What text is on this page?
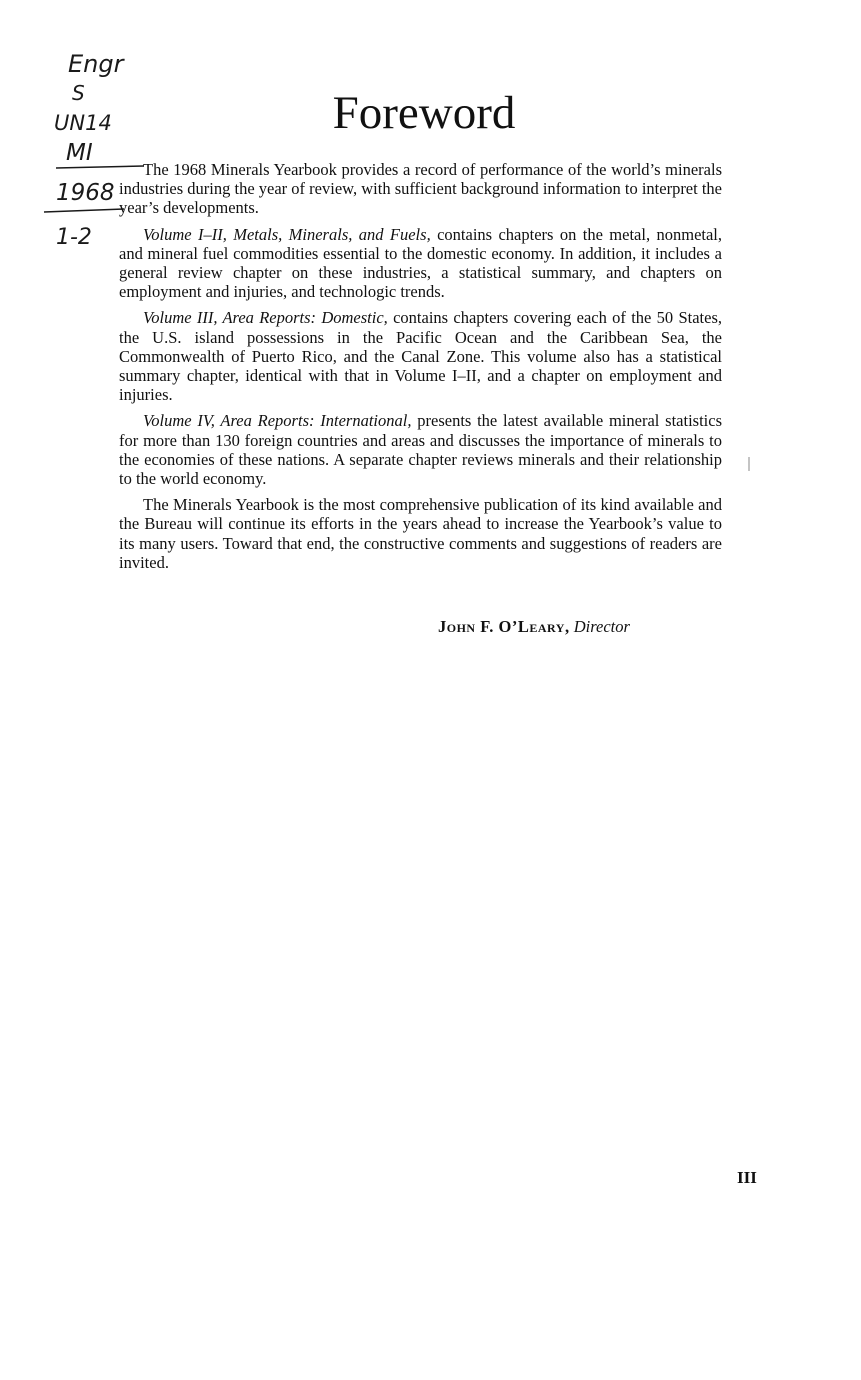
Engr
S
UN14
MI
1968
1-2
Foreword

The 1968 Minerals Yearbook provides a record of performance of the world’s minerals industries during the year of review, with sufficient background information to interpret the year’s developments.

Volume I–II, Metals, Minerals, and Fuels, contains chapters on the metal, nonmetal, and mineral fuel commodities essential to the domestic economy. In addition, it includes a general review chapter on these industries, a statistical summary, and chapters on employment and injuries, and technologic trends.

Volume III, Area Reports: Domestic, contains chapters covering each of the 50 States, the U.S. island possessions in the Pacific Ocean and the Caribbean Sea, the Commonwealth of Puerto Rico, and the Canal Zone. This volume also has a statistical summary chapter, identical with that in Volume I–II, and a chapter on employment and injuries.

Volume IV, Area Reports: International, presents the latest available mineral statistics for more than 130 foreign countries and areas and discusses the importance of minerals to the economies of these nations. A separate chapter reviews minerals and their relationship to the world economy.

The Minerals Yearbook is the most comprehensive publication of its kind available and the Bureau will continue its efforts in the years ahead to increase the Yearbook’s value to its many users. Toward that end, the constructive comments and suggestions of readers are invited.

John F. O’Leary, Director
III
